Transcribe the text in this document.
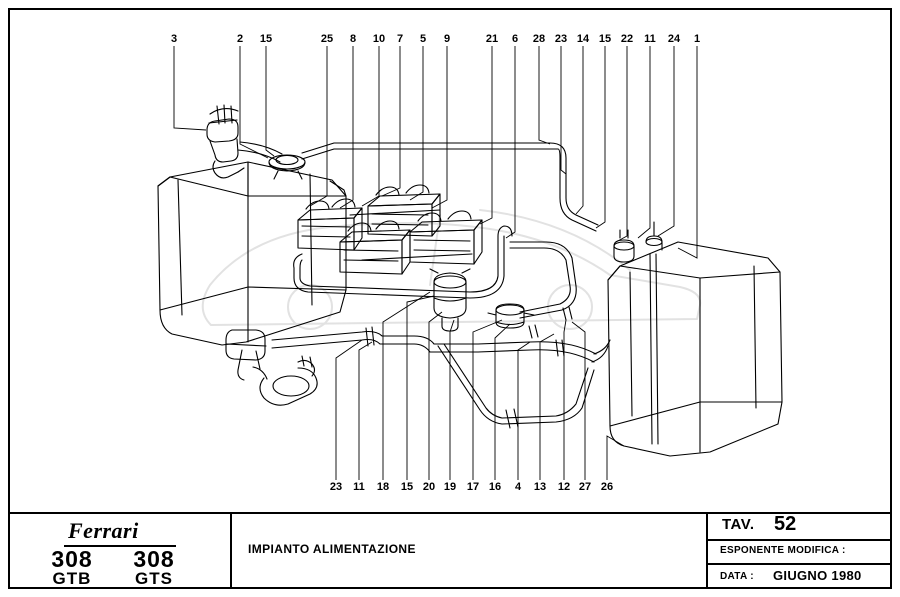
3	2	15	25	8	10	7	5	9	21	6	28 23 14 15 22	11	24	1
23	11	18	15 20 19 17 16	4	13	12 27 26
Ferrari
308
GTB
308
GTS
IMPIANTO ALIMENTAZIONE
TAV. 52
ESPONENTE MODIFICA :
DATA : GIUGNO 1980
